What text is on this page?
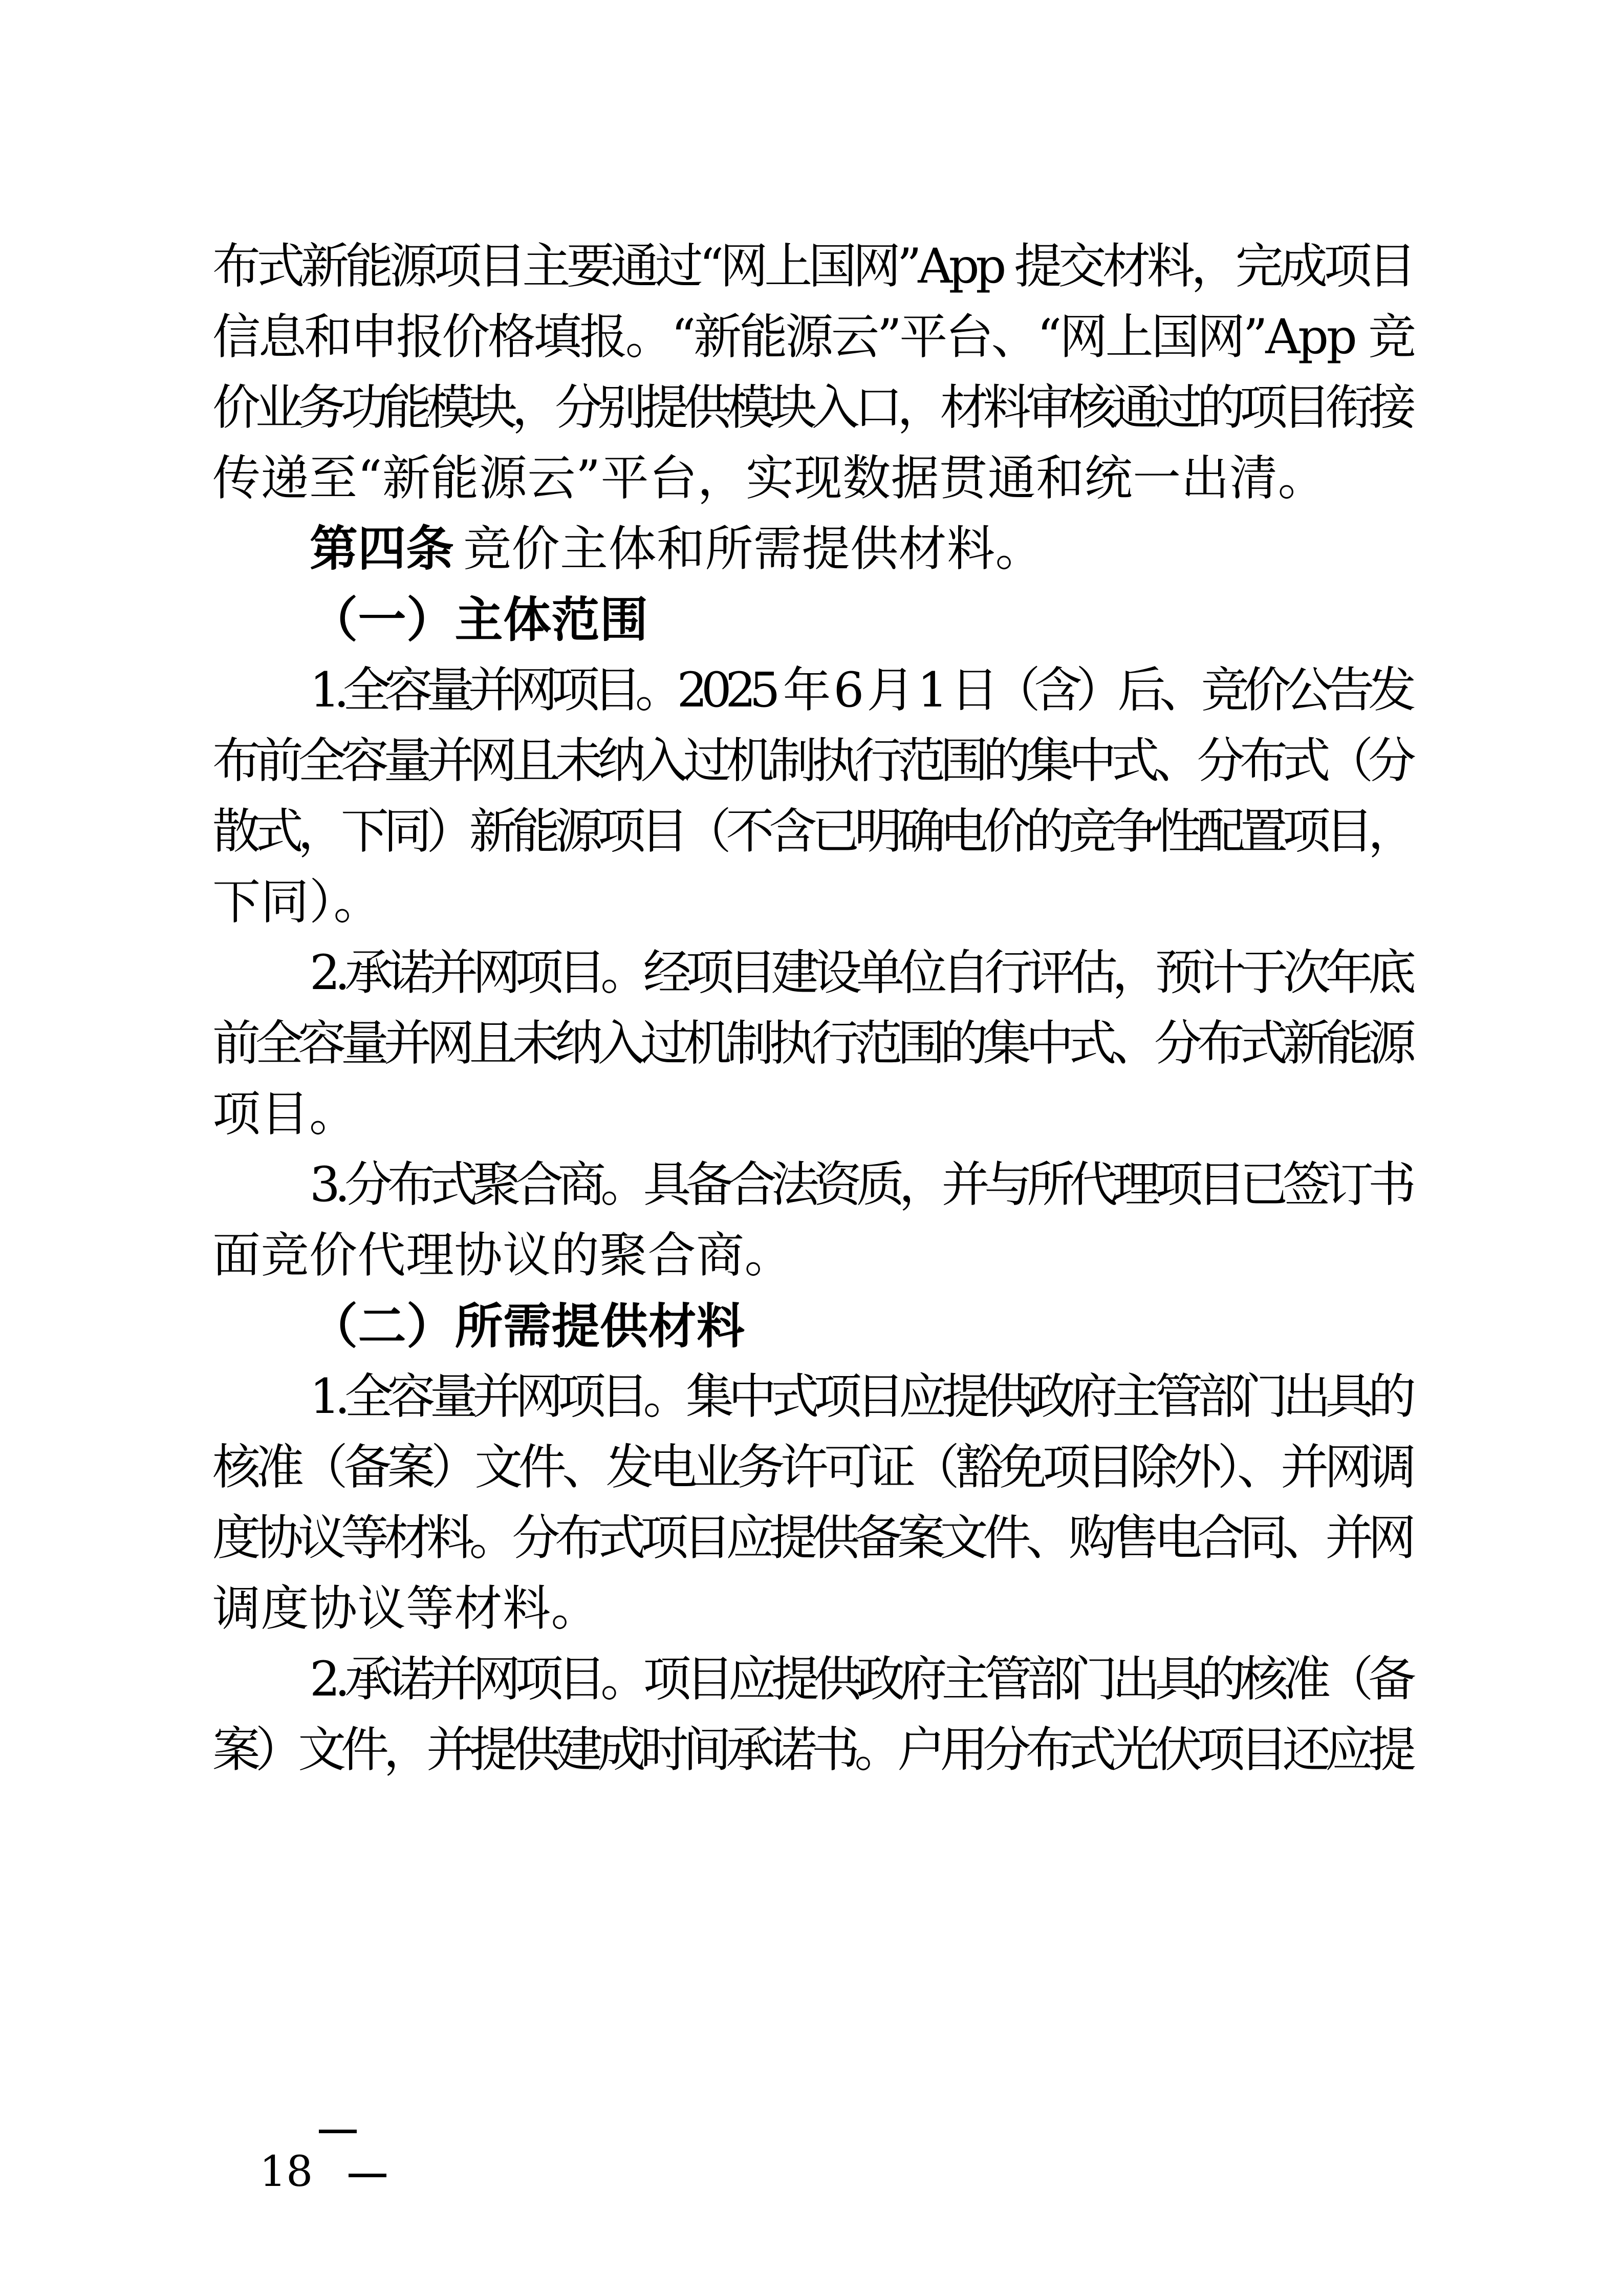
布式新能源项目主要通过“网上国网”App 提交材料，完成项目
信息和申报价格填报。“新能源云”平台、“网上国网”App 竞
价业务功能模块，分别提供模块入口，材料审核通过的项目衔接
传递至“新能源云”平台，实现数据贯通和统一出清。
第四条 竞价主体和所需提供材料。
（一）主体范围
1.全容量并网项目。2025 年 6 月 1 日（含）后、竞价公告发
布前全容量并网且未纳入过机制执行范围的集中式、分布式（分
散式，下同）新能源项目（不含已明确电价的竞争性配置项目，
下同）。
2.承诺并网项目。经项目建设单位自行评估，预计于次年底
前全容量并网且未纳入过机制执行范围的集中式、分布式新能源
项目。
3.分布式聚合商。具备合法资质，并与所代理项目已签订书
面竞价代理协议的聚合商。
（二）所需提供材料
1.全容量并网项目。集中式项目应提供政府主管部门出具的
核准（备案）文件、发电业务许可证（豁免项目除外）、并网调
度协议等材料。分布式项目应提供备案文件、购售电合同、并网
调度协议等材料。
2.承诺并网项目。项目应提供政府主管部门出具的核准（备
案）文件，并提供建成时间承诺书。户用分布式光伏项目还应提
18
